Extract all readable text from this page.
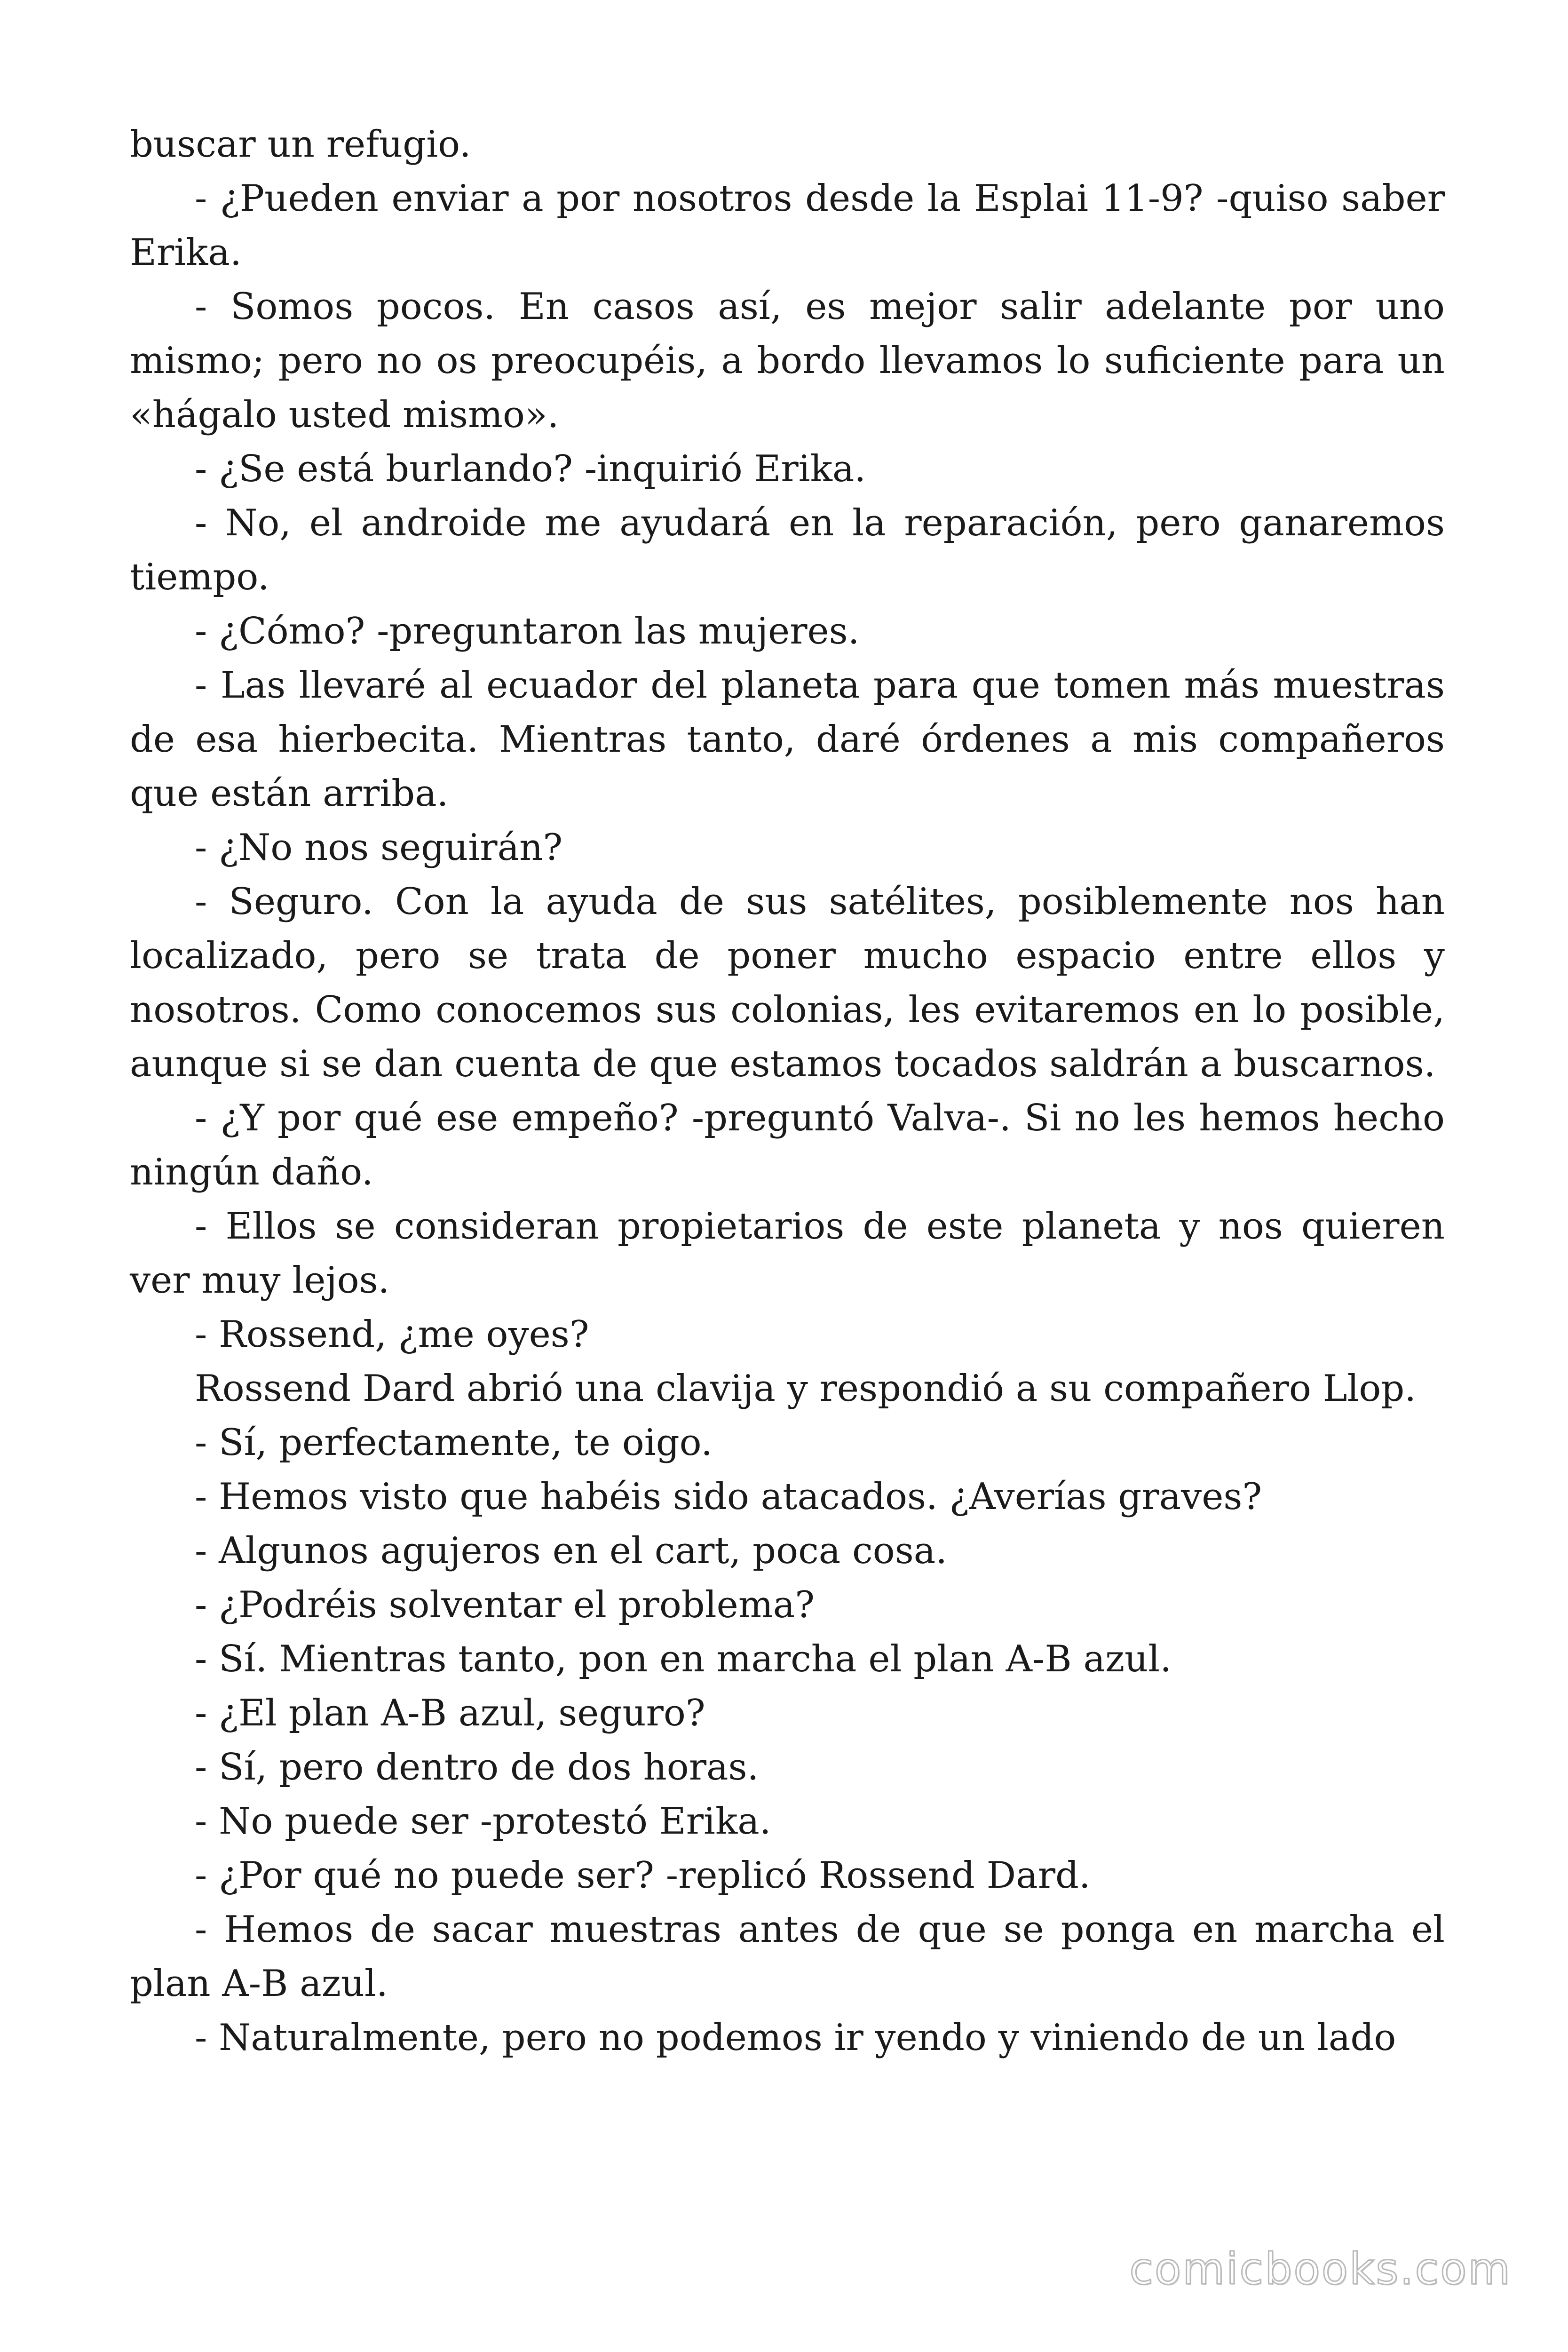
buscar un refugio.

- ¿Pueden enviar a por nosotros desde la Esplai 11-9? -quiso saber Erika.

- Somos pocos. En casos así, es mejor salir adelante por uno mismo; pero no os preocupéis, a bordo llevamos lo suficiente para un «hágalo usted mismo».

- ¿Se está burlando? -inquirió Erika.

- No, el androide me ayudará en la reparación, pero ganaremos tiempo.

- ¿Cómo? -preguntaron las mujeres.

- Las llevaré al ecuador del planeta para que tomen más muestras de esa hierbecita. Mientras tanto, daré órdenes a mis compañeros que están arriba.

- ¿No nos seguirán?

- Seguro. Con la ayuda de sus satélites, posiblemente nos han localizado, pero se trata de poner mucho espacio entre ellos y nosotros. Como conocemos sus colonias, les evitaremos en lo posible, aunque si se dan cuenta de que estamos tocados saldrán a buscarnos.

- ¿Y por qué ese empeño? -preguntó Valva-. Si no les hemos hecho ningún daño.

- Ellos se consideran propietarios de este planeta y nos quieren ver muy lejos.

- Rossend, ¿me oyes?

Rossend Dard abrió una clavija y respondió a su compañero Llop.

- Sí, perfectamente, te oigo.

- Hemos visto que habéis sido atacados. ¿Averías graves?

- Algunos agujeros en el cart, poca cosa.

- ¿Podréis solventar el problema?

- Sí. Mientras tanto, pon en marcha el plan A-B azul.

- ¿El plan A-B azul, seguro?

- Sí, pero dentro de dos horas.

- No puede ser -protestó Erika.

- ¿Por qué no puede ser? -replicó Rossend Dard.

- Hemos de sacar muestras antes de que se ponga en marcha el plan A-B azul.

- Naturalmente, pero no podemos ir yendo y viniendo de un lado

comicbooks.com
